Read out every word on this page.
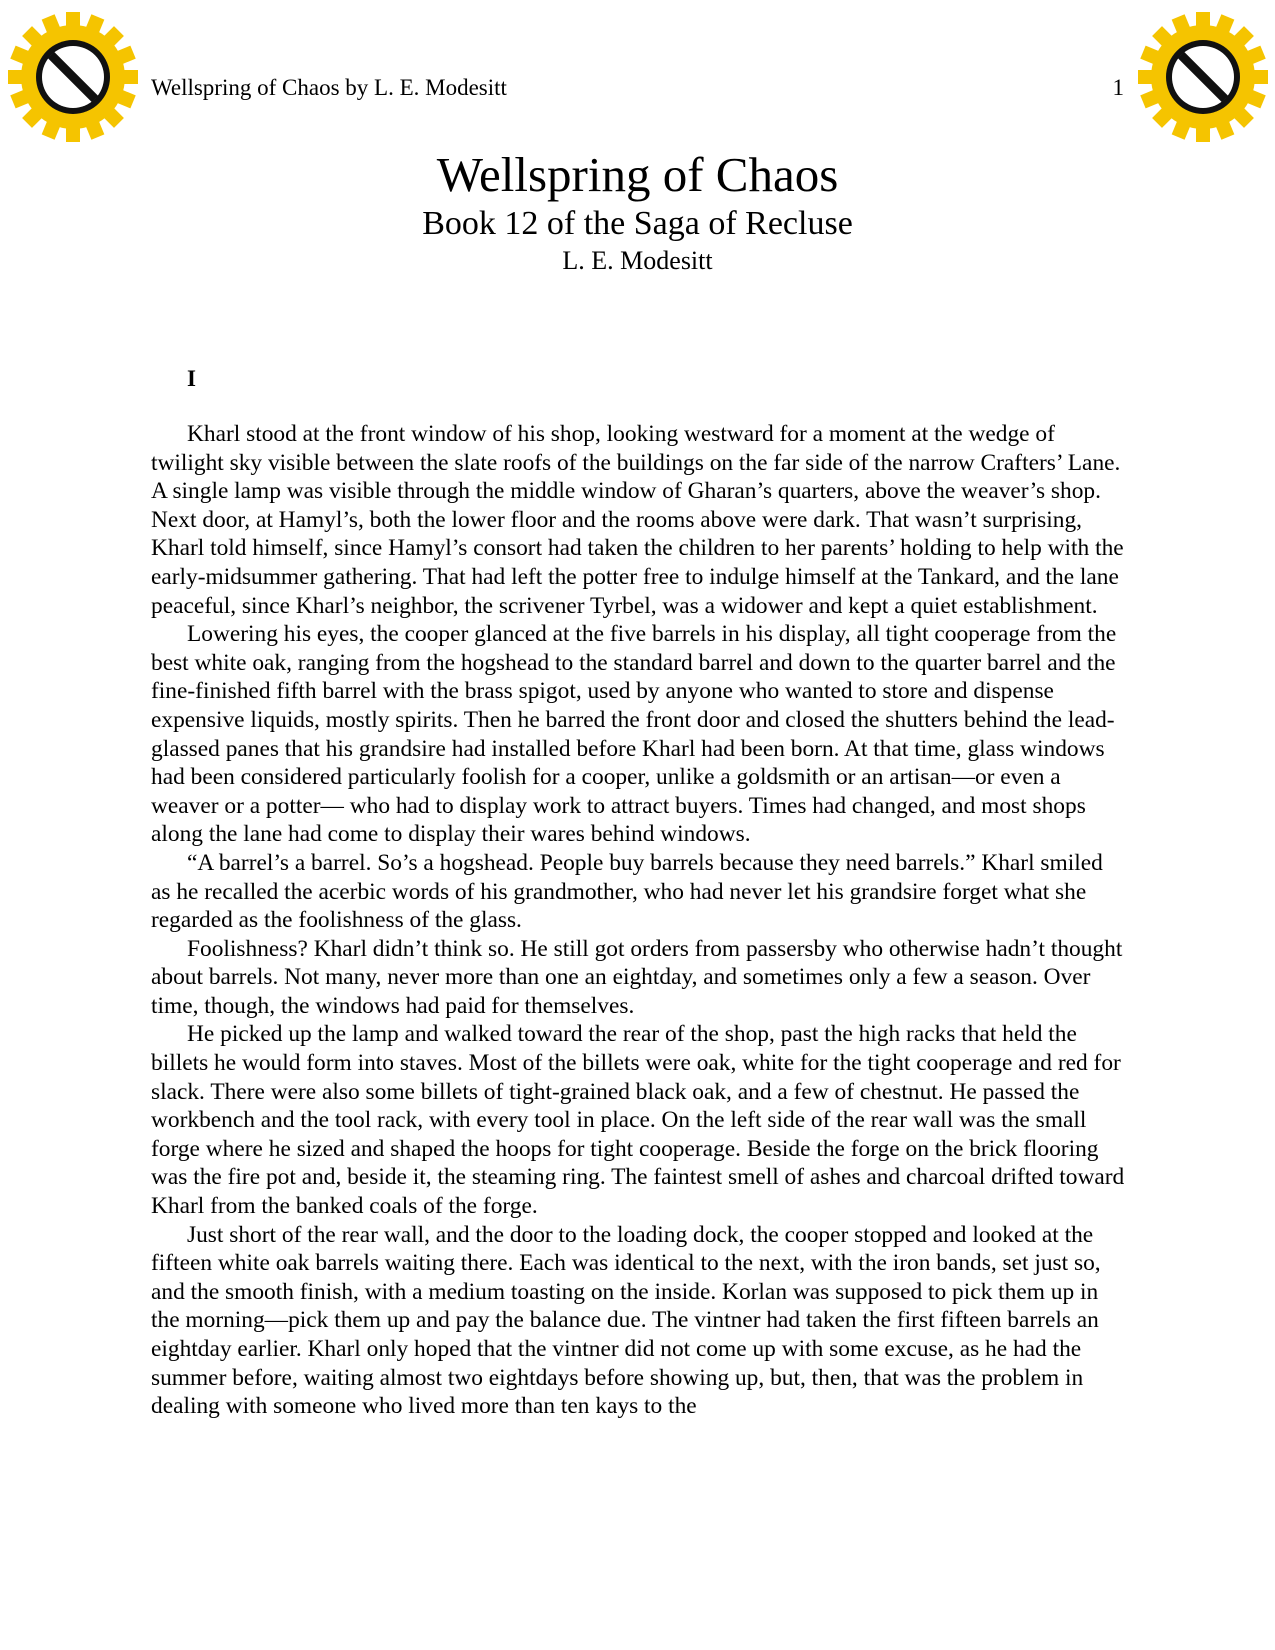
Wellspring of Chaos by L. E. Modesitt	1
Wellspring of Chaos
Book 12 of the Saga of Recluse

L. E. Modesitt

I

Kharl stood at the front window of his shop, looking westward for a moment at the wedge of twilight sky visible between the slate roofs of the buildings on the far side of the narrow Crafters’ Lane. A single lamp was visible through the middle window of Gharan’s quarters, above the weaver’s shop. Next door, at Hamyl’s, both the lower floor and the rooms above were dark. That wasn’t surprising, Kharl told himself, since Hamyl’s consort had taken the children to her parents’ holding to help with the early-midsummer gathering. That had left the potter free to indulge himself at the Tankard, and the lane peaceful, since Kharl’s neighbor, the scrivener Tyrbel, was a widower and kept a quiet establishment.

Lowering his eyes, the cooper glanced at the five barrels in his display, all tight cooperage from the best white oak, ranging from the hogshead to the standard barrel and down to the quarter barrel and the fine-finished fifth barrel with the brass spigot, used by anyone who wanted to store and dispense expensive liquids, mostly spirits. Then he barred the front door and closed the shutters behind the lead-glassed panes that his grandsire had installed before Kharl had been born. At that time, glass windows had been considered particularly foolish for a cooper, unlike a goldsmith or an artisan—or even a weaver or a potter— who had to display work to attract buyers. Times had changed, and most shops along the lane had come to display their wares behind windows.

“A barrel’s a barrel. So’s a hogshead. People buy barrels because they need barrels.” Kharl smiled as he recalled the acerbic words of his grandmother, who had never let his grandsire forget what she regarded as the foolishness of the glass.

Foolishness? Kharl didn’t think so. He still got orders from passersby who otherwise hadn’t thought about barrels. Not many, never more than one an eightday, and sometimes only a few a season. Over time, though, the windows had paid for themselves.

He picked up the lamp and walked toward the rear of the shop, past the high racks that held the billets he would form into staves. Most of the billets were oak, white for the tight cooperage and red for slack. There were also some billets of tight-grained black oak, and a few of chestnut. He passed the workbench and the tool rack, with every tool in place. On the left side of the rear wall was the small forge where he sized and shaped the hoops for tight cooperage. Beside the forge on the brick flooring was the fire pot and, beside it, the steaming ring. The faintest smell of ashes and charcoal drifted toward Kharl from the banked coals of the forge.

Just short of the rear wall, and the door to the loading dock, the cooper stopped and looked at the fifteen white oak barrels waiting there. Each was identical to the next, with the iron bands, set just so, and the smooth finish, with a medium toasting on the inside. Korlan was supposed to pick them up in the morning—pick them up and pay the balance due. The vintner had taken the first fifteen barrels an eightday earlier. Kharl only hoped that the vintner did not come up with some excuse, as he had the summer before, waiting almost two eightdays before showing up, but, then, that was the problem in dealing with someone who lived more than ten kays to the
